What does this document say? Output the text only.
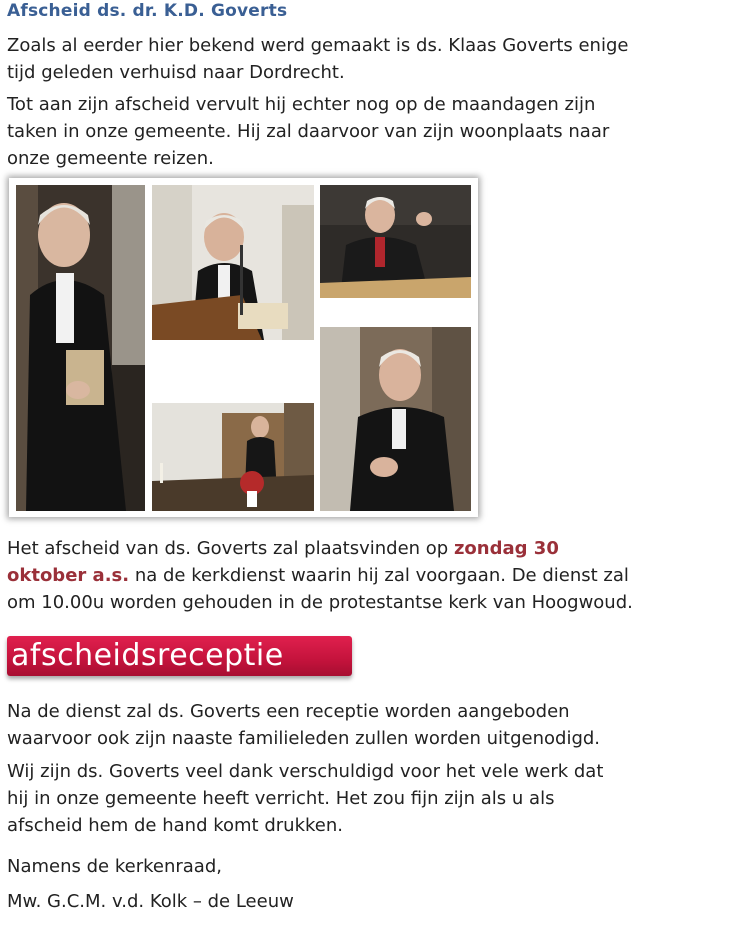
Afscheid ds. dr. K.D. Goverts

Zoals al eerder hier bekend werd gemaakt is ds. Klaas Goverts enige
tijd geleden verhuisd naar Dordrecht.

Tot aan zijn afscheid vervult hij echter nog op de maandagen zijn
taken in onze gemeente. Hij zal daarvoor van zijn woonplaats naar
onze gemeente reizen.

Het afscheid van ds. Goverts zal plaatsvinden op zondag 30
oktober a.s. na de kerkdienst waarin hij zal voorgaan. De dienst zal
om 10.00u worden gehouden in de protestantse kerk van Hoogwoud.

afscheidsreceptie

Na de dienst zal ds. Goverts een receptie worden aangeboden
waarvoor ook zijn naaste familieleden zullen worden uitgenodigd.

Wij zijn ds. Goverts veel dank verschuldigd voor het vele werk dat
hij in onze gemeente heeft verricht. Het zou fijn zijn als u als
afscheid hem de hand komt drukken.

Namens de kerkenraad,

Mw. G.C.M. v.d. Kolk – de Leeuw
